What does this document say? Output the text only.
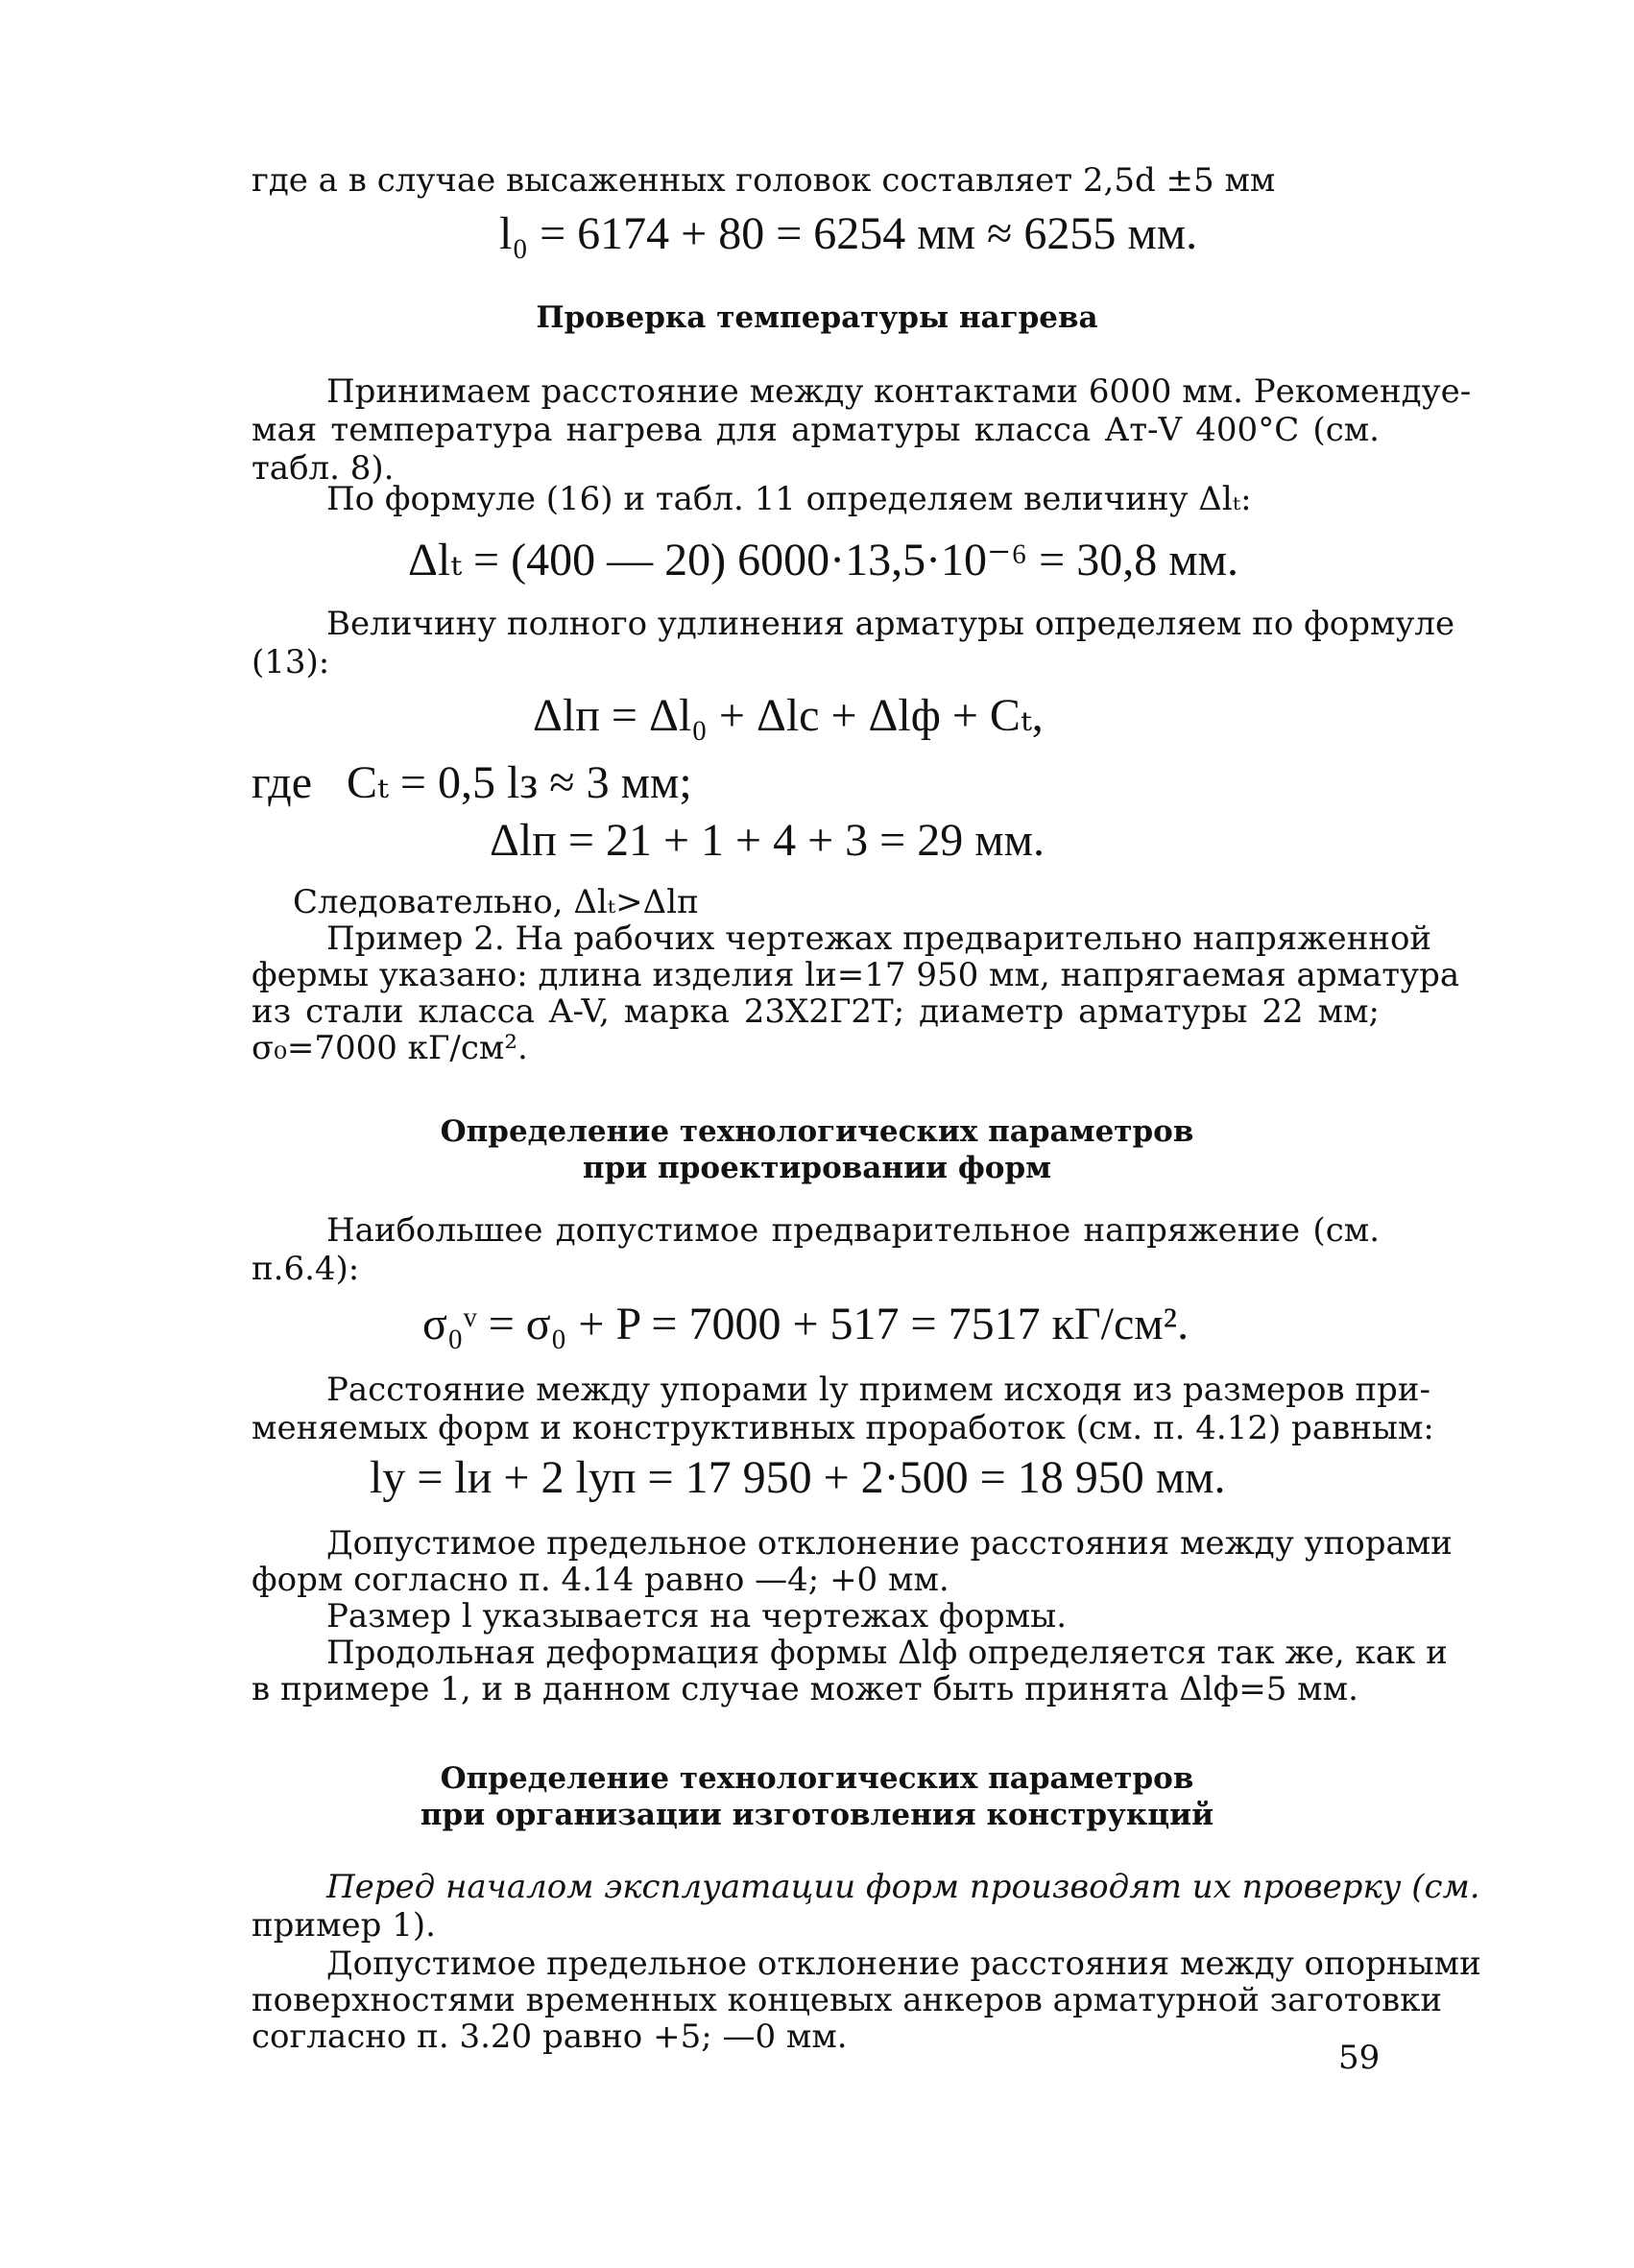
где a в случае высаженных головок составляет 2,5d ±5 мм
l₀ = 6174 + 80 = 6254 мм ≈ 6255 мм.
Проверка температуры нагрева
Принимаем расстояние между контактами 6000 мм. Рекомендуе-
мая температура нагрева для арматуры класса Ат-V 400°С (см.
табл. 8).
По формуле (16) и табл. 11 определяем величину Δlₜ:
Δlₜ = (400 — 20) 6000·13,5·10⁻⁶ = 30,8 мм.
Величину полного удлинения арматуры определяем по формуле
(13):
Δlп = Δl₀ + Δlс + Δlф + Cₜ,
где   Cₜ = 0,5 lз ≈ 3 мм;
Δlп = 21 + 1 + 4 + 3 = 29 мм.
Следовательно, Δlₜ>Δlп
Пример 2. На рабочих чертежах предварительно напряженной
фермы указано: длина изделия lи=17 950 мм, напрягаемая арматура
из стали класса A-V, марка 23Х2Г2Т; диаметр арматуры 22 мм;
σ₀=7000 кГ/см².
Определение технологических параметров
при проектировании форм
Наибольшее допустимое предварительное напряжение (см.
п.6.4):
σ₀ᵛ = σ₀ + P = 7000 + 517 = 7517 кГ/см².
Расстояние между упорами lу примем исходя из размеров при-
меняемых форм и конструктивных проработок (см. п. 4.12) равным:
lу = lи + 2 lуп = 17 950 + 2·500 = 18 950 мм.
Допустимое предельное отклонение расстояния между упорами
форм согласно п. 4.14 равно —4; +0 мм.
Размер l указывается на чертежах формы.
Продольная деформация формы Δlф определяется так же, как и
в примере 1, и в данном случае может быть принята Δlф=5 мм.
Определение технологических параметров
при организации изготовления конструкций
Перед началом эксплуатации форм производят их проверку (см.
пример 1).
Допустимое предельное отклонение расстояния между опорными
поверхностями временных концевых анкеров арматурной заготовки
согласно п. 3.20 равно +5; —0 мм.
59
